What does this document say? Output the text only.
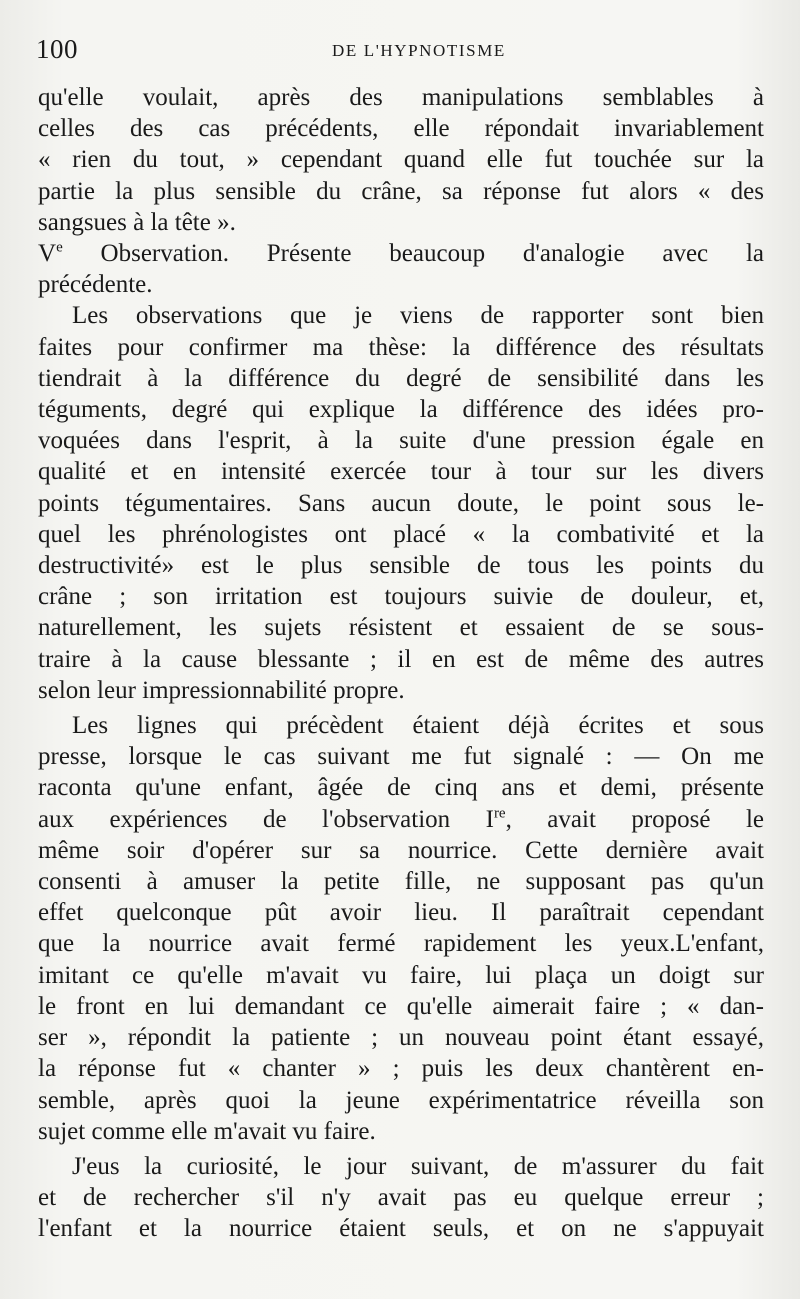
100	DE L'HYPNOTISME
qu'elle voulait, après des manipulations semblables à
celles des cas précédents, elle répondait invariablement
« rien du tout, » cependant quand elle fut touchée sur la
partie la plus sensible du crâne, sa réponse fut alors « des
sangsues à la tête ».
Ve Observation. Présente beaucoup d'analogie avec la
précédente.
Les observations que je viens de rapporter sont bien
faites pour confirmer ma thèse: la différence des résultats
tiendrait à la différence du degré de sensibilité dans les
téguments, degré qui explique la différence des idées pro-
voquées dans l'esprit, à la suite d'une pression égale en
qualité et en intensité exercée tour à tour sur les divers
points tégumentaires. Sans aucun doute, le point sous le-
quel les phrénologistes ont placé « la combativité et la
destructivité» est le plus sensible de tous les points du
crâne ; son irritation est toujours suivie de douleur, et,
naturellement, les sujets résistent et essaient de se sous-
traire à la cause blessante ; il en est de même des autres
selon leur impressionnabilité propre.
Les lignes qui précèdent étaient déjà écrites et sous
presse, lorsque le cas suivant me fut signalé : — On me
raconta qu'une enfant, âgée de cinq ans et demi, présente
aux expériences de l'observation Ire, avait proposé le
même soir d'opérer sur sa nourrice. Cette dernière avait
consenti à amuser la petite fille, ne supposant pas qu'un
effet quelconque pût avoir lieu. Il paraîtrait cependant
que la nourrice avait fermé rapidement les yeux.L'enfant,
imitant ce qu'elle m'avait vu faire, lui plaça un doigt sur
le front en lui demandant ce qu'elle aimerait faire ; « dan-
ser », répondit la patiente ; un nouveau point étant essayé,
la réponse fut « chanter » ; puis les deux chantèrent en-
semble, après quoi la jeune expérimentatrice réveilla son
sujet comme elle m'avait vu faire.
J'eus la curiosité, le jour suivant, de m'assurer du fait
et de rechercher s'il n'y avait pas eu quelque erreur ;
l'enfant et la nourrice étaient seuls, et on ne s'appuyait
